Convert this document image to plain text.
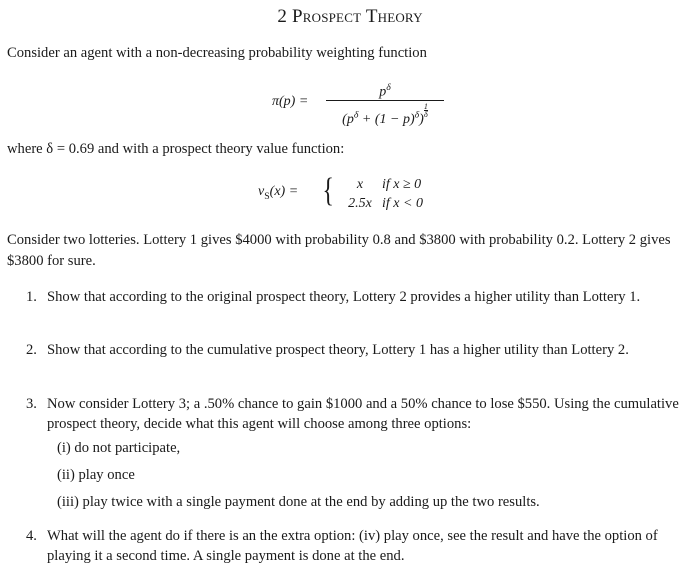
2 Prospect Theory
Consider an agent with a non-decreasing probability weighting function
π(p) =
$p^\delta$
$(p^\delta + (1 - p)^\delta)$
$\frac{1}{\delta}$
where δ = 0.69 and with a prospect theory value function:
$v_S(x)$ = {	x if x ≥ 0
2.5x if x < 0
Consider two lotteries. Lottery 1 gives $4000 with probability 0.8 and $3800 with probability 0.2. Lottery 2 gives $3800 for sure.
1. Show that according to the original prospect theory, Lottery 2 provides a higher utility than Lottery 1.
2. Show that according to the cumulative prospect theory, Lottery 1 has a higher utility than Lottery 2.
3. Now consider Lottery 3; a .50% chance to gain $1000 and a 50% chance to lose $550. Using the cumulative prospect theory, decide what this agent will choose among three options:
(i) do not participate,
(ii) play once
(iii) play twice with a single payment done at the end by adding up the two results.
4. What will the agent do if there is an the extra option: (iv) play once, see the result and have the option of playing it a second time. A single payment is done at the end.
